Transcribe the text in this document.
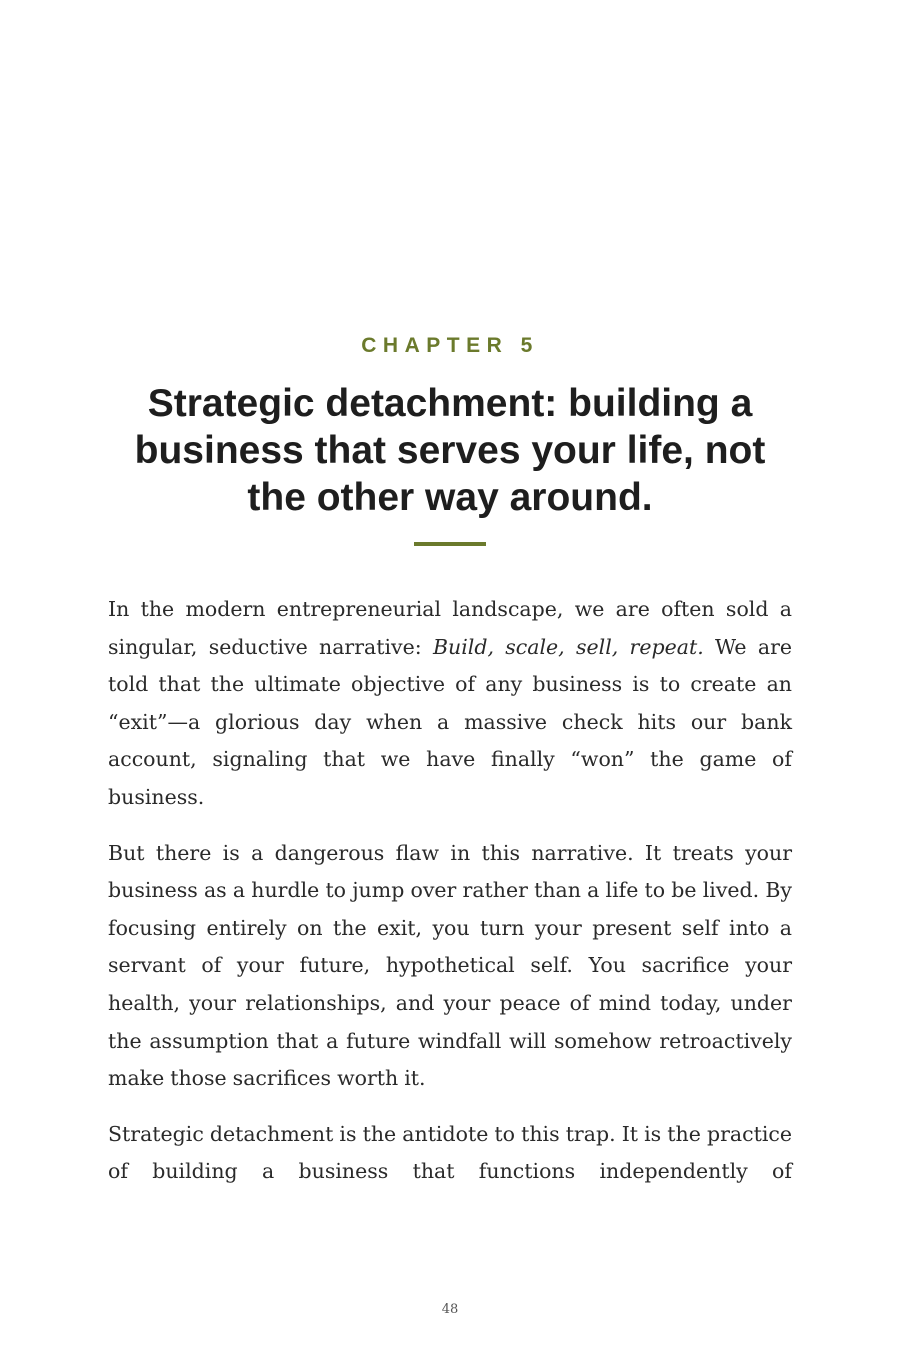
CHAPTER 5
Strategic detachment: building a business that serves your life, not the other way around.

In the modern entrepreneurial landscape, we are often sold a singular, seductive narrative: Build, scale, sell, repeat. We are told that the ultimate objective of any business is to create an “exit”—a glorious day when a massive check hits our bank account, signaling that we have finally “won” the game of business.

But there is a dangerous flaw in this narrative. It treats your business as a hurdle to jump over rather than a life to be lived. By focusing entirely on the exit, you turn your present self into a servant of your future, hypothetical self. You sacrifice your health, your relationships, and your peace of mind today, under the assumption that a future windfall will somehow retroactively make those sacrifices worth it.

Strategic detachment is the antidote to this trap. It is the practice of building a business that functions independently of

48
